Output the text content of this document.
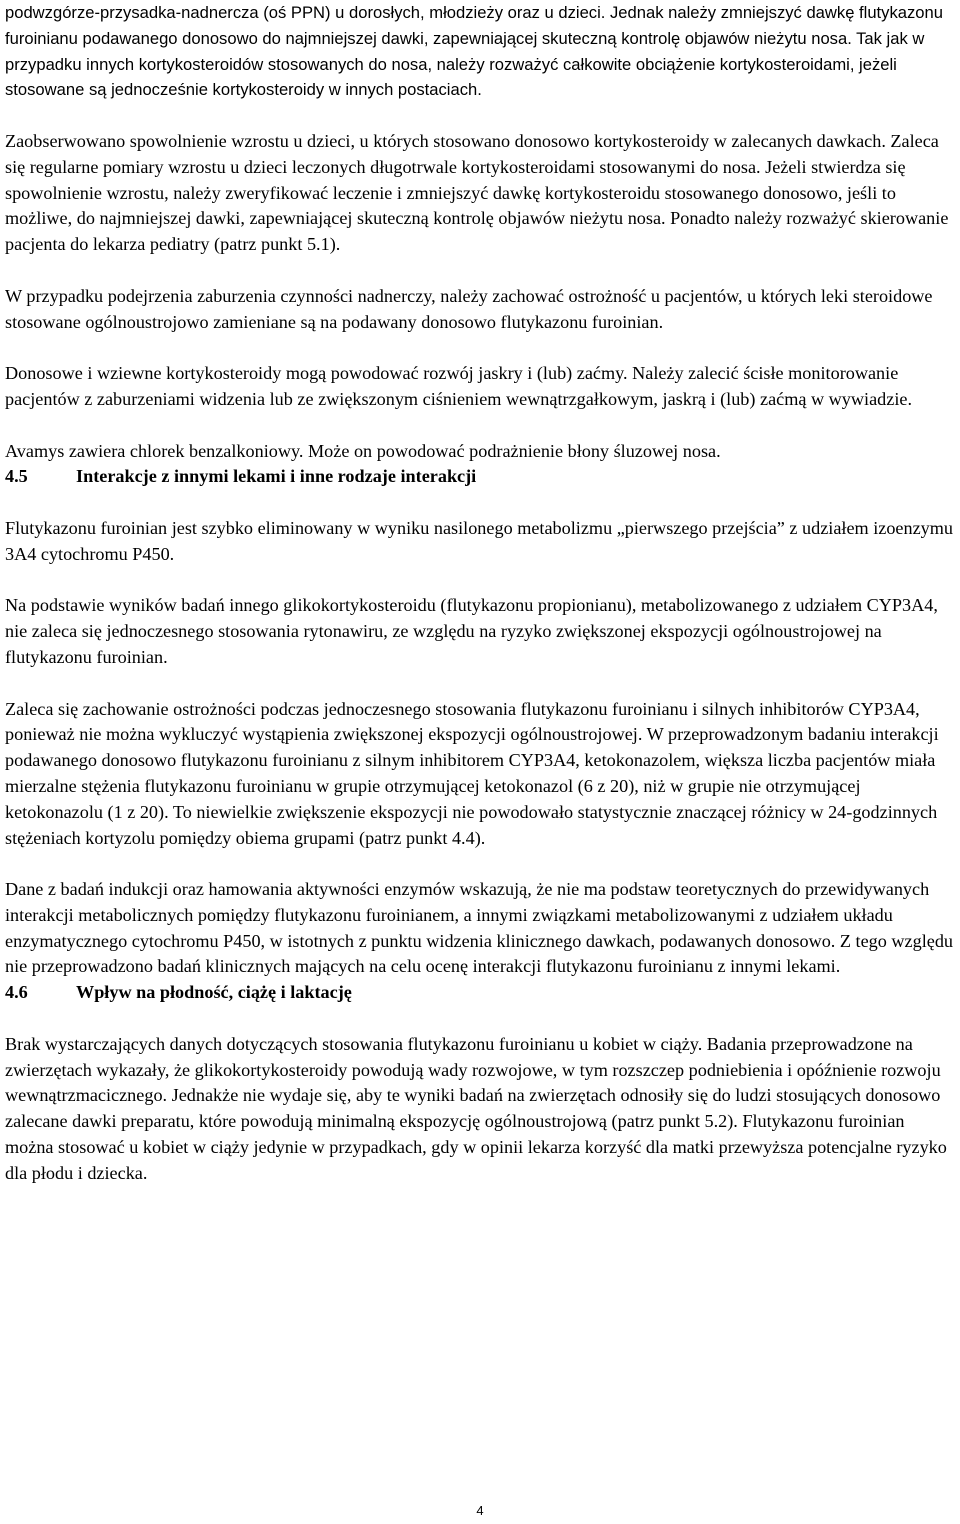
podwzgórze-przysadka-nadnercza (oś PPN) u dorosłych, młodzieży oraz u dzieci. Jednak należy zmniejszyć dawkę flutykazonu furoinianu podawanego donosowo do najmniejszej dawki, zapewniającej skuteczną kontrolę objawów nieżytu nosa. Tak jak w przypadku innych kortykosteroidów stosowanych do nosa, należy rozważyć całkowite obciążenie kortykosteroidami, jeżeli stosowane są jednocześnie kortykosteroidy w innych postaciach.

Zaobserwowano spowolnienie wzrostu u dzieci, u których stosowano donosowo kortykosteroidy w zalecanych dawkach. Zaleca się regularne pomiary wzrostu u dzieci leczonych długotrwale kortykosteroidami stosowanymi do nosa. Jeżeli stwierdza się spowolnienie wzrostu, należy zweryfikować leczenie i zmniejszyć dawkę kortykosteroidu stosowanego donosowo, jeśli to możliwe, do najmniejszej dawki, zapewniającej skuteczną kontrolę objawów nieżytu nosa. Ponadto należy rozważyć skierowanie pacjenta do lekarza pediatry (patrz punkt 5.1).

W przypadku podejrzenia zaburzenia czynności nadnerczy, należy zachować ostrożność u pacjentów, u których leki steroidowe stosowane ogólnoustrojowo zamieniane są na podawany donosowo flutykazonu furoinian.

Donosowe i wziewne kortykosteroidy mogą powodować rozwój jaskry i (lub) zaćmy. Należy zalecić ścisłe monitorowanie pacjentów z zaburzeniami widzenia lub ze zwiększonym ciśnieniem wewnątrzgałkowym, jaskrą i (lub) zaćmą w wywiadzie.

Avamys zawiera chlorek benzalkoniowy. Może on powodować podrażnienie błony śluzowej nosa.

4.5	Interakcje z innymi lekami i inne rodzaje interakcji

Flutykazonu furoinian jest szybko eliminowany w wyniku nasilonego metabolizmu „pierwszego przejścia” z udziałem izoenzymu 3A4 cytochromu P450.

Na podstawie wyników badań innego glikokortykosteroidu (flutykazonu propionianu), metabolizowanego z udziałem CYP3A4, nie zaleca się jednoczesnego stosowania rytonawiru, ze względu na ryzyko zwiększonej ekspozycji ogólnoustrojowej na flutykazonu furoinian.

Zaleca się zachowanie ostrożności podczas jednoczesnego stosowania flutykazonu furoinianu i silnych inhibitorów CYP3A4, ponieważ nie można wykluczyć wystąpienia zwiększonej ekspozycji ogólnoustrojowej. W przeprowadzonym badaniu interakcji podawanego donosowo flutykazonu furoinianu z silnym inhibitorem CYP3A4, ketokonazolem, większa liczba pacjentów miała mierzalne stężenia flutykazonu furoinianu w grupie otrzymującej ketokonazol (6 z 20), niż w grupie nie otrzymującej ketokonazolu (1 z 20). To niewielkie zwiększenie ekspozycji nie powodowało statystycznie znaczącej różnicy w 24-godzinnych stężeniach kortyzolu pomiędzy obiema grupami (patrz punkt 4.4).

Dane z badań indukcji oraz hamowania aktywności enzymów wskazują, że nie ma podstaw teoretycznych do przewidywanych interakcji metabolicznych pomiędzy flutykazonu furoinianem, a innymi związkami metabolizowanymi z udziałem układu enzymatycznego cytochromu P450, w istotnych z punktu widzenia klinicznego dawkach, podawanych donosowo. Z tego względu nie przeprowadzono badań klinicznych mających na celu ocenę interakcji flutykazonu furoinianu z innymi lekami.

4.6	Wpływ na płodność, ciążę i laktację

Brak wystarczających danych dotyczących stosowania flutykazonu furoinianu u kobiet w ciąży. Badania przeprowadzone na zwierzętach wykazały, że glikokortykosteroidy powodują wady rozwojowe, w tym rozszczep podniebienia i opóźnienie rozwoju wewnątrzmacicznego. Jednakże nie wydaje się, aby te wyniki badań na zwierzętach odnosiły się do ludzi stosujących donosowo zalecane dawki preparatu, które powodują minimalną ekspozycję ogólnoustrojową (patrz punkt 5.2). Flutykazonu furoinian można stosować u kobiet w ciąży jedynie w przypadkach, gdy w opinii lekarza korzyść dla matki przewyższa potencjalne ryzyko dla płodu i dziecka.

4
